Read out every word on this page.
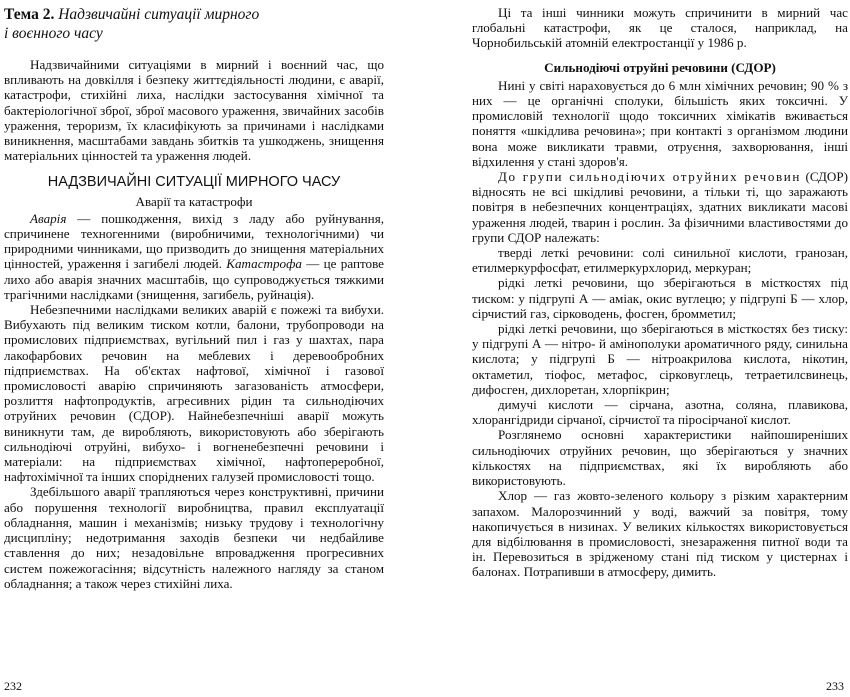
Тема 2. Надзвичайні ситуації мирного
і воєнного часу

Надзвичайними ситуаціями в мирний і воєнний час, що впливають на довкілля і безпеку життєдіяльності людини, є аварії, катастрофи, стихійні лиха, наслідки застосування хімічної та бактеріологічної зброї, зброї масового ураження, звичайних засобів ураження, тероризм, їх класифікують за причинами і наслідками виникнення, масштабами завдань збитків та ушкоджень, знищення матеріальних цінностей та ураження людей.

НАДЗВИЧАЙНІ СИТУАЦІЇ МИРНОГО ЧАСУ
Аварії та катастрофи

Аварія — пошкодження, вихід з ладу або руйнування, спричинене техногенними (виробничими, технологічними) чи природними чинниками, що призводить до знищення матеріальних цінностей, ураження і загибелі людей. Катастрофа — це раптове лихо або аварія значних масштабів, що супроводжується тяжкими трагічними наслідками (знищення, загибель, руйнація).

Небезпечними наслідками великих аварій є пожежі та вибухи. Вибухають під великим тиском котли, балони, трубопроводи на промислових підприємствах, вугільний пил і газ у шахтах, пара лакофарбових речовин на меблевих і деревообробних підприємствах. На об'єктах нафтової, хімічної і газової промисловості аварію спричиняють загазованість атмосфери, розлиття нафтопродуктів, агресивних рідин та сильнодіючих отруйних речовин (СДОР). Найнебезпечніші аварії можуть виникнути там, де виробляють, використовують або зберігають сильнодіючі отруйні, вибухо- і вогненебезпечні речовини і матеріали: на підприємствах хімічної, нафтопереробної, нафтохімічної та інших споріднених галузей промисловості тощо.

Здебільшого аварії трапляються через конструктивні, причини або порушення технології виробництва, правил експлуатації обладнання, машин і механізмів; низьку трудову і технологічну дисципліну; недотримання заходів безпеки чи недбайливе ставлення до них; незадовільне впровадження прогресивних систем пожежогасіння; відсутність належного нагляду за станом обладнання; а також через стихійні лиха.

Ці та інші чинники можуть спричинити в мирний час глобальні катастрофи, як це сталося, наприклад, на Чорнобильській атомній електростанції у 1986 р.

Сильнодіючі отруйні речовини (СДОР)

Нині у світі нараховується до 6 млн хімічних речовин; 90 % з них — це органічні сполуки, більшість яких токсичні. У промисловій технології щодо токсичних хімікатів вживається поняття «шкідлива речовина»; при контакті з організмом людини вона може викликати травми, отруєння, захворювання, інші відхилення у стані здоров'я.

До групи сильнодіючих отруйних речовин (СДОР) відносять не всі шкідливі речовини, а тільки ті, що заражають повітря в небезпечних концентраціях, здатних викликати масові ураження людей, тварин і рослин. За фізичними властивостями до групи СДОР належать:

тверді леткі речовини: солі синильної кислоти, гранозан, етилмеркурфосфат, етилмеркурхлорид, меркуран;

рідкі леткі речовини, що зберігаються в місткостях під тиском: у підгрупі А — аміак, окис вуглецю; у підгрупі Б — хлор, сірчистий газ, сірководень, фосген, бромметил;

рідкі леткі речовини, що зберігаються в місткостях без тиску: у підгрупі А — нітро- й амінополуки ароматичного ряду, синильна кислота; у підгрупі Б — нітроакрилова кислота, нікотин, октаметил, тіофос, метафос, сірковуглець, тетраетилсвинець, дифосген, дихлоретан, хлорпікрин;

димучі кислоти — сірчана, азотна, соляна, плавикова, хлорангідриди сірчаної, сірчистої та піросірчаної кислот.

Розглянемо основні характеристики найпоширеніших сильнодіючих отруйних речовин, що зберігаються у значних кількостях на підприємствах, які їх виробляють або використовують.

Хлор — газ жовто-зеленого кольору з різким характерним запахом. Малорозчинний у воді, важчий за повітря, тому накопичується в низинах. У великих кількостях використовується для відбілювання в промисловості, знезараження питної води та ін. Перевозиться в зрідженому стані під тиском у цистернах і балонах. Потрапивши в атмосферу, димить.

232	233
